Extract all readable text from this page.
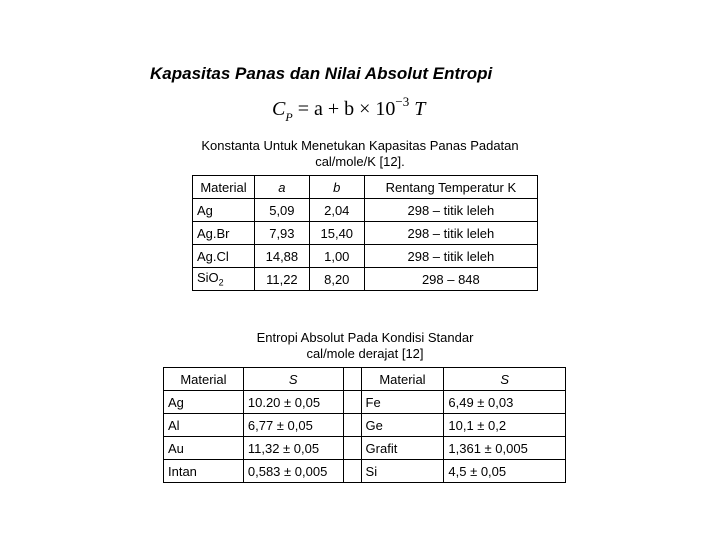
Kapasitas Panas dan Nilai Absolut Entropi
$C_P = a + b \times 10^{-3}$ T
Konstanta Untuk Menetukan Kapasitas Panas Padatan
cal/mole/K [12].
Material	a	b	Rentang Temperatur K
Ag	5,09	2,04	298 – titik leleh
Ag.Br	7,93	15,40	298 – titik leleh
Ag.Cl	14,88	1,00	298 – titik leleh
SiO$_2$	11,22	8,20	298 – 848
Entropi Absolut Pada Kondisi Standar
cal/mole derajat [12]
Material	S		Material	S
Ag	10.20 ± 0,05		Fe	6,49 ± 0,03
Al	6,77 ± 0,05		Ge	10,1 ± 0,2
Au	11,32 ± 0,05		Grafit	1,361 ± 0,005
Intan	0,583 ± 0,005		Si	4,5 ± 0,05
